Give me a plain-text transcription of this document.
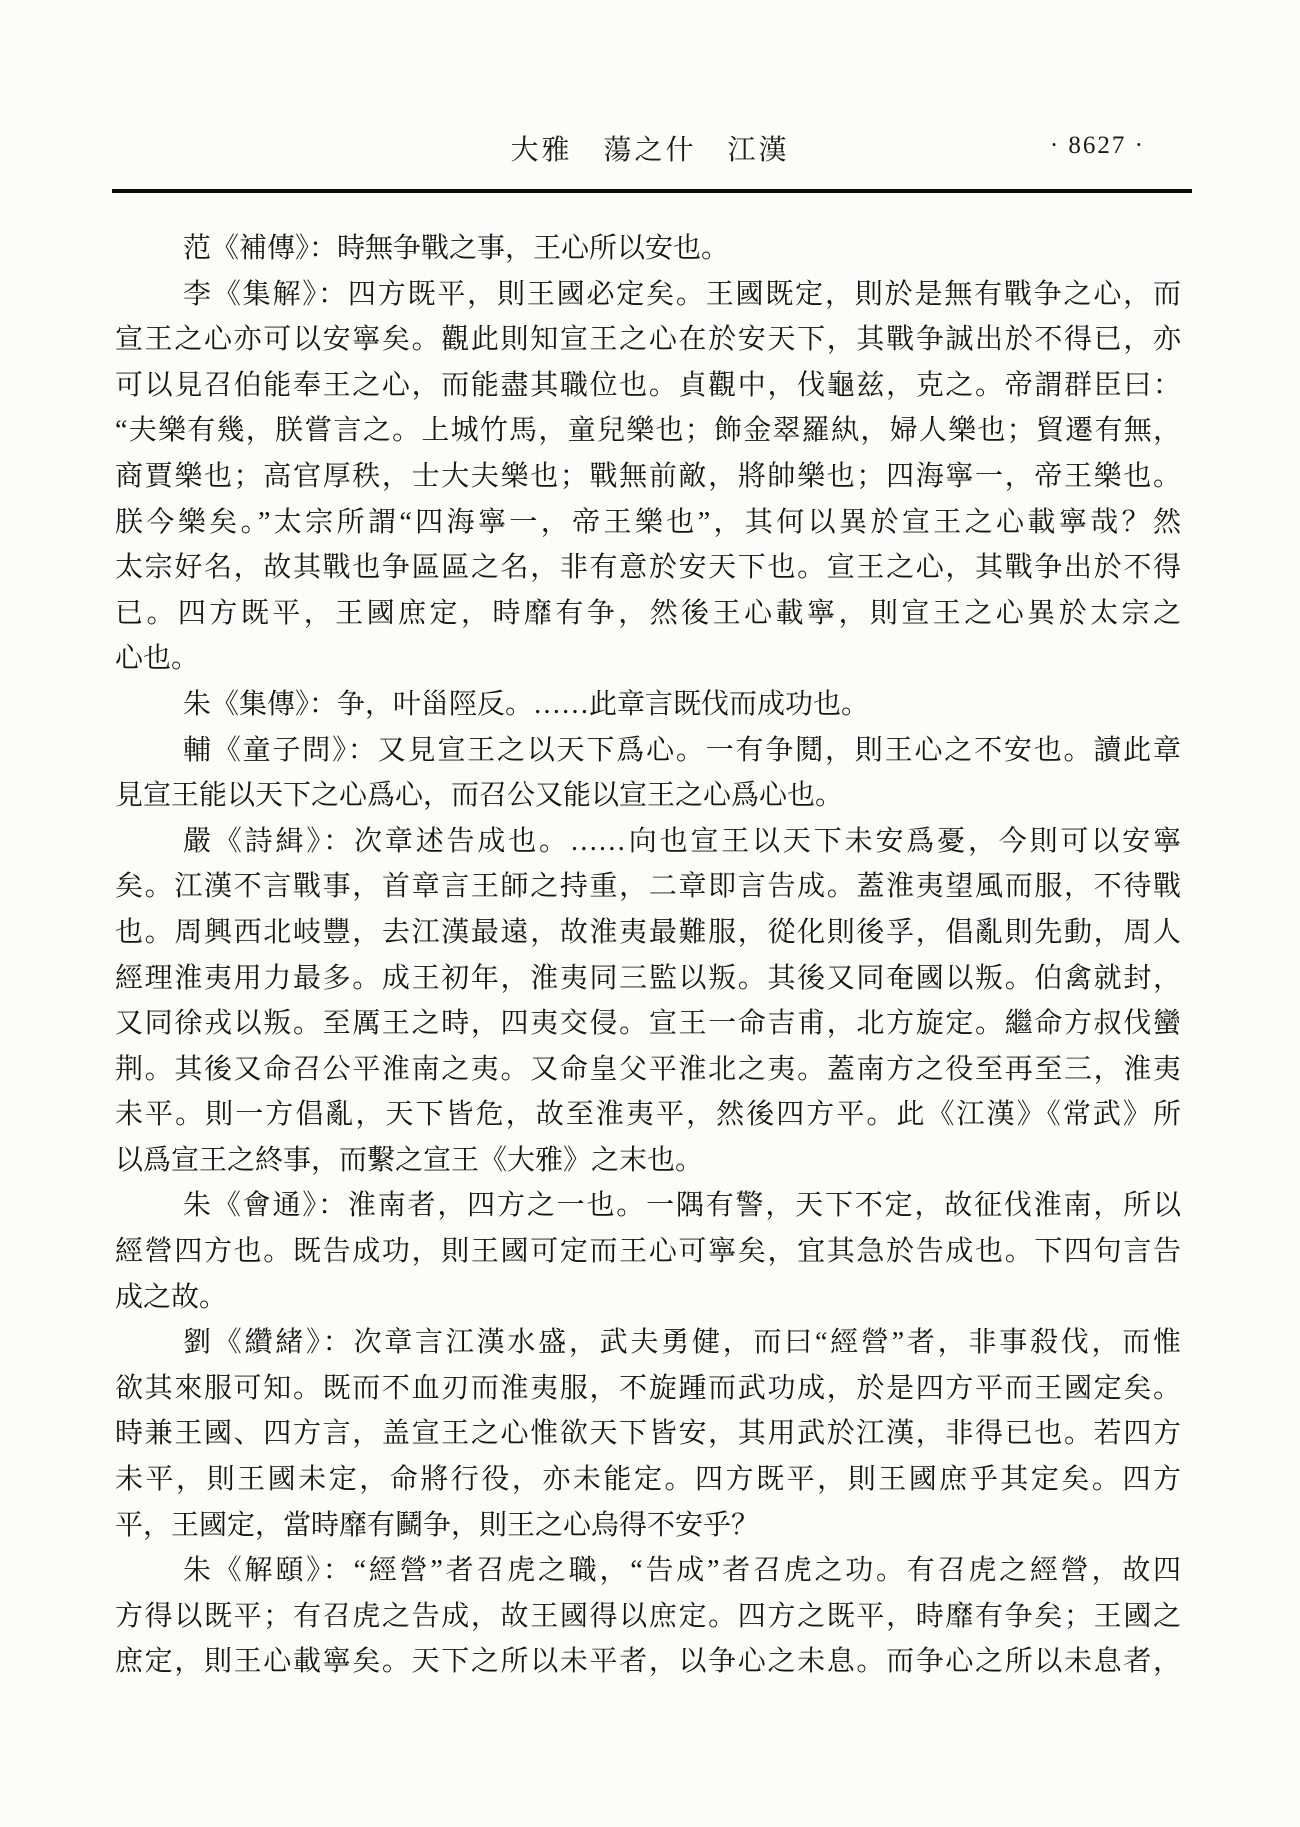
大雅　蕩之什　江漢	· 8627 ·
范《補傳》：時無争戰之事，王心所以安也。
李《集解》：四方既平，則王國必定矣。王國既定，則於是無有戰争之心，而
宣王之心亦可以安寧矣。觀此則知宣王之心在於安天下，其戰争誠出於不得已，亦
可以見召伯能奉王之心，而能盡其職位也。貞觀中，伐龜兹，克之。帝謂群臣曰：
“夫樂有幾，朕嘗言之。上城竹馬，童兒樂也；飾金翠羅紈，婦人樂也；貿遷有無，
商賈樂也；高官厚秩，士大夫樂也；戰無前敵，將帥樂也；四海寧一，帝王樂也。
朕今樂矣。”太宗所謂“四海寧一，帝王樂也”，其何以異於宣王之心載寧哉？然
太宗好名，故其戰也争區區之名，非有意於安天下也。宣王之心，其戰争出於不得
已。四方既平，王國庶定，時靡有争，然後王心載寧，則宣王之心異於太宗之
心也。
朱《集傳》：争，叶甾陘反。……此章言既伐而成功也。
輔《童子問》：又見宣王之以天下爲心。一有争鬩，則王心之不安也。讀此章
見宣王能以天下之心爲心，而召公又能以宣王之心爲心也。
嚴《詩緝》：次章述告成也。……向也宣王以天下未安爲憂，今則可以安寧
矣。江漢不言戰事，首章言王師之持重，二章即言告成。蓋淮夷望風而服，不待戰
也。周興西北岐豐，去江漢最遠，故淮夷最難服，從化則後孚，倡亂則先動，周人
經理淮夷用力最多。成王初年，淮夷同三監以叛。其後又同奄國以叛。伯禽就封，
又同徐戎以叛。至厲王之時，四夷交侵。宣王一命吉甫，北方旋定。繼命方叔伐蠻
荆。其後又命召公平淮南之夷。又命皇父平淮北之夷。蓋南方之役至再至三，淮夷
未平。則一方倡亂，天下皆危，故至淮夷平，然後四方平。此《江漢》《常武》所
以爲宣王之終事，而繫之宣王《大雅》之末也。
朱《會通》：淮南者，四方之一也。一隅有警，天下不定，故征伐淮南，所以
經營四方也。既告成功，則王國可定而王心可寧矣，宜其急於告成也。下四句言告
成之故。
劉《纘緒》：次章言江漢水盛，武夫勇健，而曰“經營”者，非事殺伐，而惟
欲其來服可知。既而不血刃而淮夷服，不旋踵而武功成，於是四方平而王國定矣。
時兼王國、四方言，盖宣王之心惟欲天下皆安，其用武於江漢，非得已也。若四方
未平，則王國未定，命將行役，亦未能定。四方既平，則王國庶乎其定矣。四方
平，王國定，當時靡有鬭争，則王之心烏得不安乎？
朱《解頤》：“經營”者召虎之職，“告成”者召虎之功。有召虎之經營，故四
方得以既平；有召虎之告成，故王國得以庶定。四方之既平，時靡有争矣；王國之
庶定，則王心載寧矣。天下之所以未平者，以争心之未息。而争心之所以未息者，
